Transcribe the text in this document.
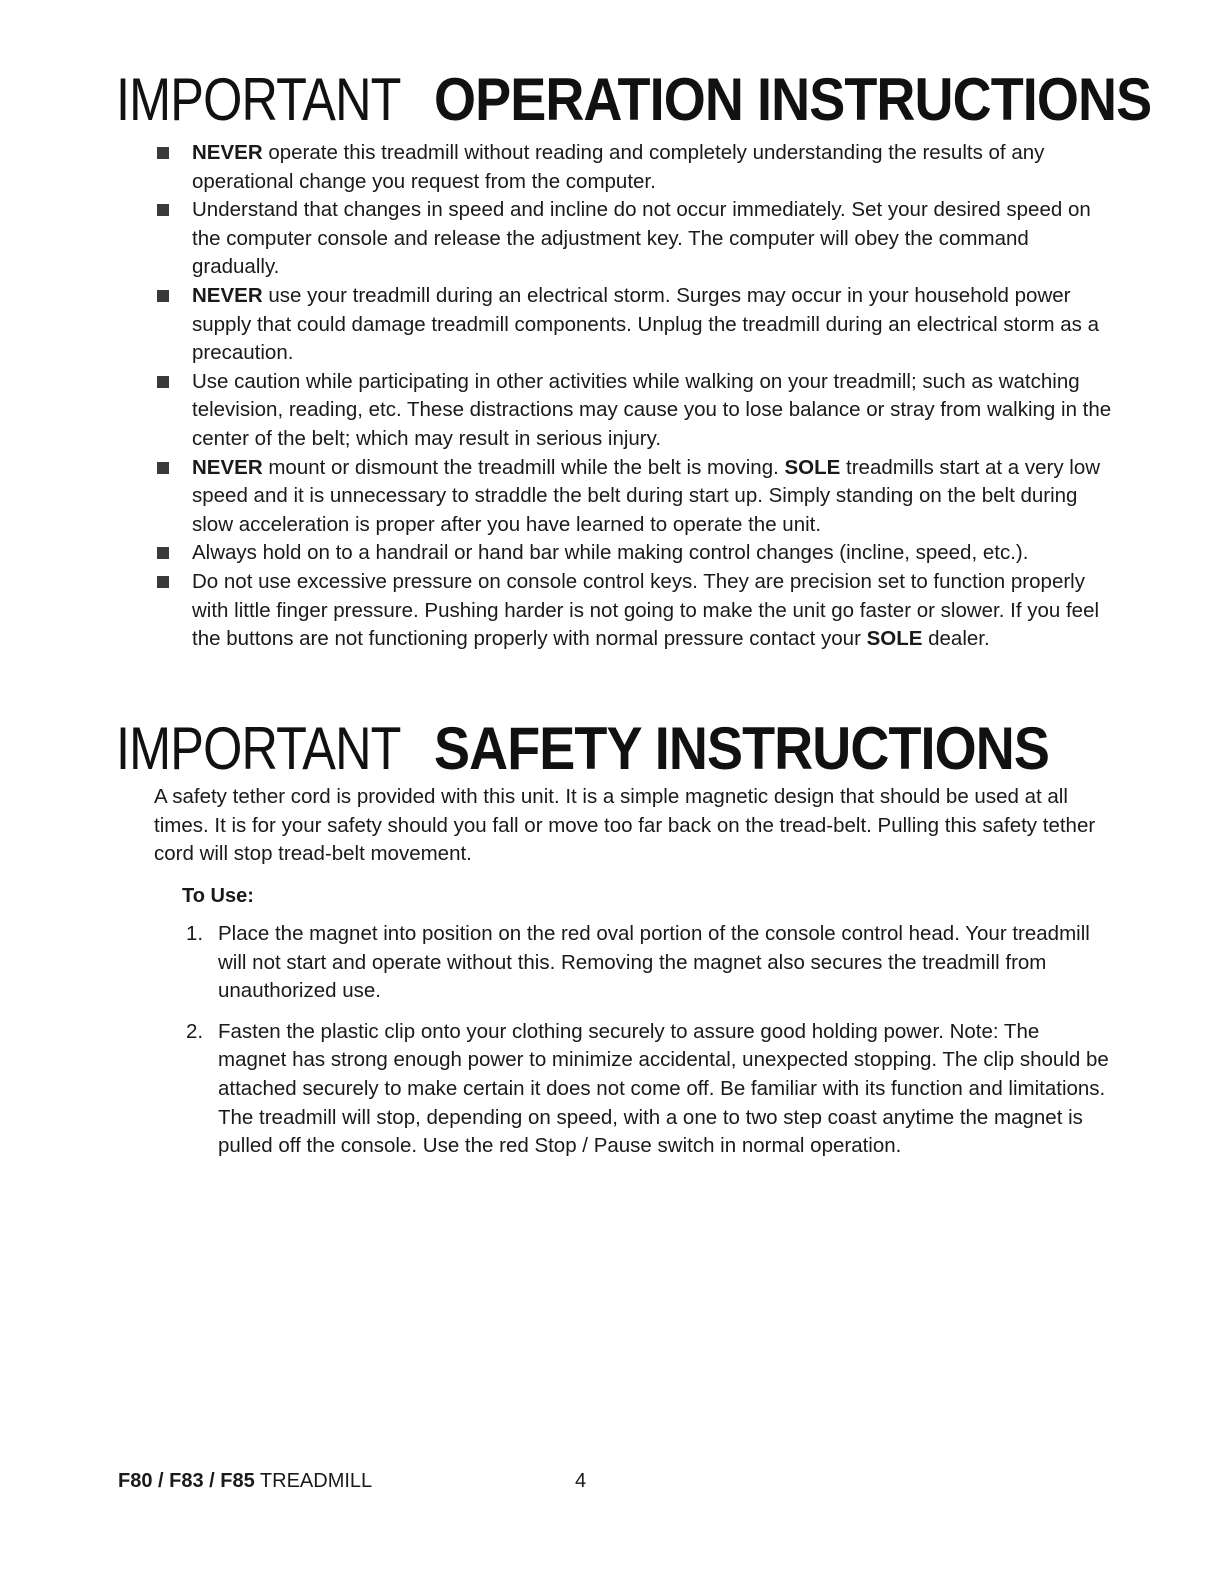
IMPORTANT OPERATION INSTRUCTIONS
NEVER operate this treadmill without reading and completely understanding the results of any operational change you request from the computer.
Understand that changes in speed and incline do not occur immediately. Set your desired speed on the computer console and release the adjustment key. The computer will obey the command gradually.
NEVER use your treadmill during an electrical storm. Surges may occur in your household power supply that could damage treadmill components. Unplug the treadmill during an electrical storm as a precaution.
Use caution while participating in other activities while walking on your treadmill; such as watching television, reading, etc. These distractions may cause you to lose balance or stray from walking in the center of the belt; which may result in serious injury.
NEVER mount or dismount the treadmill while the belt is moving. SOLE treadmills start at a very low speed and it is unnecessary to straddle the belt during start up. Simply standing on the belt during slow acceleration is proper after you have learned to operate the unit.
Always hold on to a handrail or hand bar while making control changes (incline, speed, etc.).
Do not use excessive pressure on console control keys. They are precision set to function properly with little finger pressure. Pushing harder is not going to make the unit go faster or slower. If you feel the buttons are not functioning properly with normal pressure contact your SOLE dealer.
IMPORTANT SAFETY INSTRUCTIONS

A safety tether cord is provided with this unit. It is a simple magnetic design that should be used at all times. It is for your safety should you fall or move too far back on the tread-belt. Pulling this safety tether cord will stop tread-belt movement.

To Use:

1. Place the magnet into position on the red oval portion of the console control head. Your treadmill will not start and operate without this. Removing the magnet also secures the treadmill from unauthorized use.
2. Fasten the plastic clip onto your clothing securely to assure good holding power. Note: The magnet has strong enough power to minimize accidental, unexpected stopping. The clip should be attached securely to make certain it does not come off. Be familiar with its function and limitations. The treadmill will stop, depending on speed, with a one to two step coast anytime the magnet is pulled off the console. Use the red Stop / Pause switch in normal operation.
F80 / F83 / F85 TREADMILL	4
